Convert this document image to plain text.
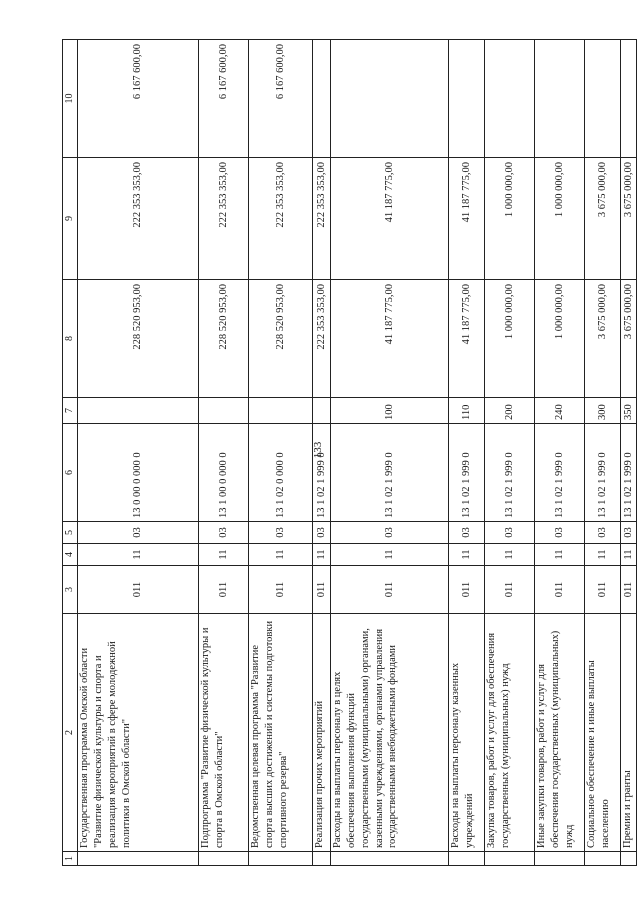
133
1	2	3	4	5	6	7	8	9	10
	Государственная программа Омской области "Развитие физической культуры и спорта и реализация мероприятий в сфере молодежной политики в Омской области"	011	11	03	13 0 00 0 000 0		228 520 953,00	222 353 353,00	6 167 600,00
	Подпрограмма "Развитие физической культуры и спорта в Омской области"	011	11	03	13 1 00 0 000 0		228 520 953,00	222 353 353,00	6 167 600,00
	Ведомственная целевая программа "Развитие спорта высших достижений и системы подготовки спортивного резерва"	011	11	03	13 1 02 0 000 0		228 520 953,00	222 353 353,00	6 167 600,00
	Реализация прочих мероприятий	011	11	03	13 1 02 1 999 0		222 353 353,00	222 353 353,00	
	Расходы на выплаты персоналу в целях обеспечения выполнения функций государственными (муниципальными) органами, казенными учреждениями, органами управления государственными внебюджетными фондами	011	11	03	13 1 02 1 999 0	100	41 187 775,00	41 187 775,00	
	Расходы на выплаты персоналу казенных учреждений	011	11	03	13 1 02 1 999 0	110	41 187 775,00	41 187 775,00	
	Закупка товаров, работ и услуг для обеспечения государственных (муниципальных) нужд	011	11	03	13 1 02 1 999 0	200	1 000 000,00	1 000 000,00	
	Иные закупки товаров, работ и услуг для обеспечения государственных (муниципальных) нужд	011	11	03	13 1 02 1 999 0	240	1 000 000,00	1 000 000,00	
	Социальное обеспечение и иные выплаты населению	011	11	03	13 1 02 1 999 0	300	3 675 000,00	3 675 000,00	
	Премии и гранты	011	11	03	13 1 02 1 999 0	350	3 675 000,00	3 675 000,00	
